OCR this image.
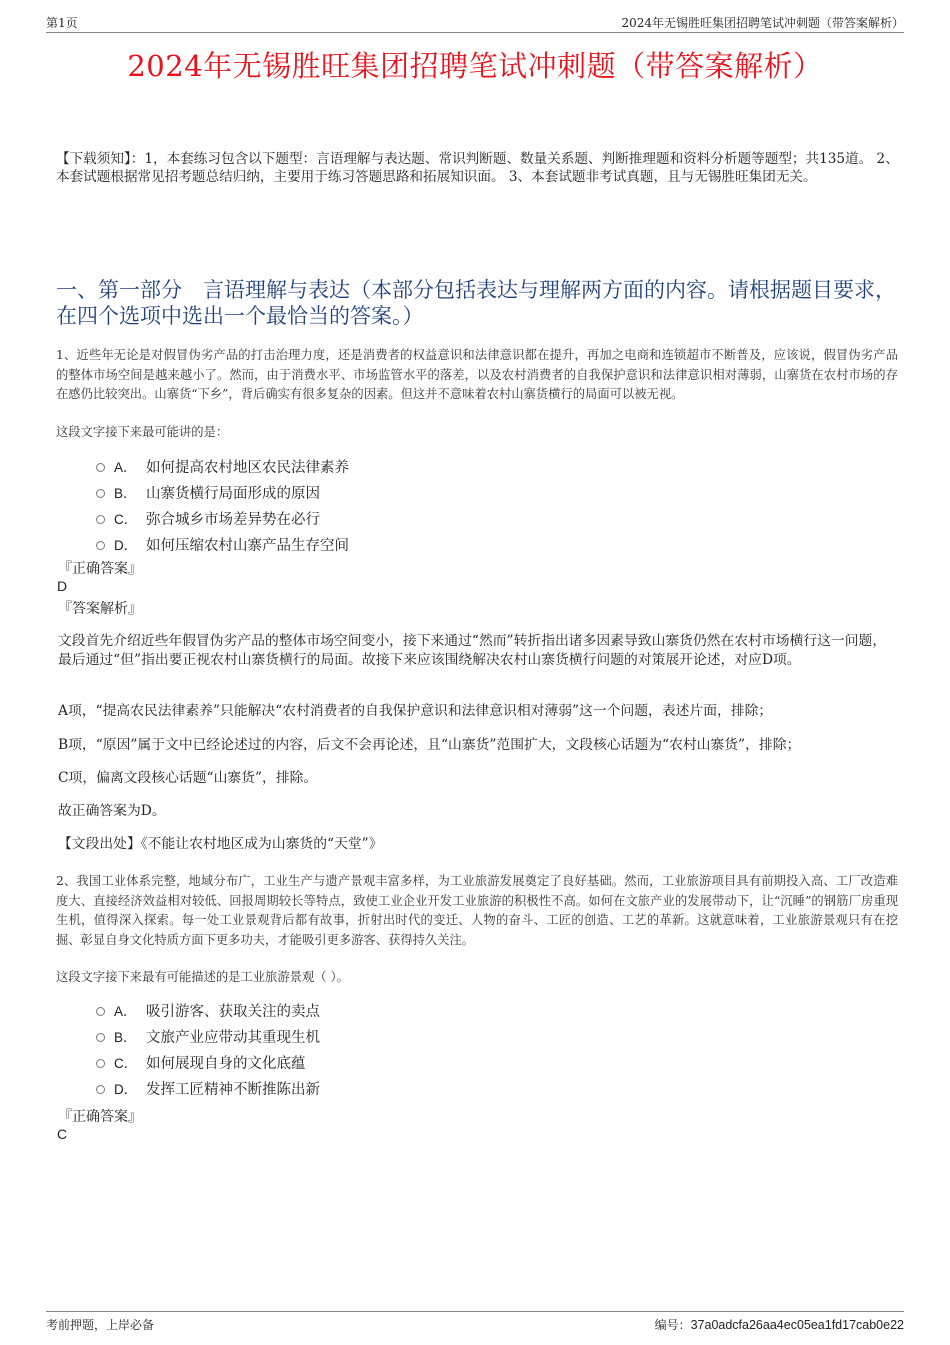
第1页	2024年无锡胜旺集团招聘笔试冲刺题（带答案解析）
2024年无锡胜旺集团招聘笔试冲刺题（带答案解析）
【下载须知】：1，本套练习包含以下题型：言语理解与表达题、常识判断题、数量关系题、判断推理题和资料分析题等题型；共135道。 2、本套试题根据常见招考题总结归纳，主要用于练习答题思路和拓展知识面。 3、本套试题非考试真题，且与无锡胜旺集团无关。
一、第一部分　言语理解与表达（本部分包括表达与理解两方面的内容。请根据题目要求，在四个选项中选出一个最恰当的答案。）
1、近些年无论是对假冒伪劣产品的打击治理力度，还是消费者的权益意识和法律意识都在提升，再加之电商和连锁超市不断普及，应该说，假冒伪劣产品的整体市场空间是越来越小了。然而，由于消费水平、市场监管水平的落差，以及农村消费者的自我保护意识和法律意识相对薄弱，山寨货在农村市场的存在感仍比较突出。山寨货“下乡”，背后确实有很多复杂的因素。但这并不意味着农村山寨货横行的局面可以被无视。
这段文字接下来最可能讲的是：
A． 如何提高农村地区农民法律素养
B． 山寨货横行局面形成的原因
C． 弥合城乡市场差异势在必行
D． 如何压缩农村山寨产品生存空间
『正确答案』
D
『答案解析』
文段首先介绍近些年假冒伪劣产品的整体市场空间变小，接下来通过“然而”转折指出诸多因素导致山寨货仍然在农村市场横行这一问题，最后通过“但”指出要正视农村山寨货横行的局面。故接下来应该围绕解决农村山寨货横行问题的对策展开论述，对应D项。
A项，“提高农民法律素养”只能解决“农村消费者的自我保护意识和法律意识相对薄弱”这一个问题，表述片面，排除；
B项，“原因”属于文中已经论述过的内容，后文不会再论述，且“山寨货”范围扩大，文段核心话题为“农村山寨货”，排除；
C项，偏离文段核心话题“山寨货”，排除。
故正确答案为D。
【文段出处】《不能让农村地区成为山寨货的“天堂”》
2、我国工业体系完整，地域分布广，工业生产与遗产景观丰富多样，为工业旅游发展奠定了良好基础。然而，工业旅游项目具有前期投入高、工厂改造难度大、直接经济效益相对较低、回报周期较长等特点，致使工业企业开发工业旅游的积极性不高。如何在文旅产业的发展带动下，让“沉睡”的钢筋厂房重现生机，值得深入探索。每一处工业景观背后都有故事，折射出时代的变迁、人物的奋斗、工匠的创造、工艺的革新。这就意味着，工业旅游景观只有在挖掘、彰显自身文化特质方面下更多功夫，才能吸引更多游客、获得持久关注。
这段文字接下来最有可能描述的是工业旅游景观（ ）。
A． 吸引游客、获取关注的卖点
B． 文旅产业应带动其重现生机
C． 如何展现自身的文化底蕴
D． 发挥工匠精神不断推陈出新
『正确答案』
C
考前押题，上岸必备	编号：37a0adcfa26aa4ec05ea1fd17cab0e22
